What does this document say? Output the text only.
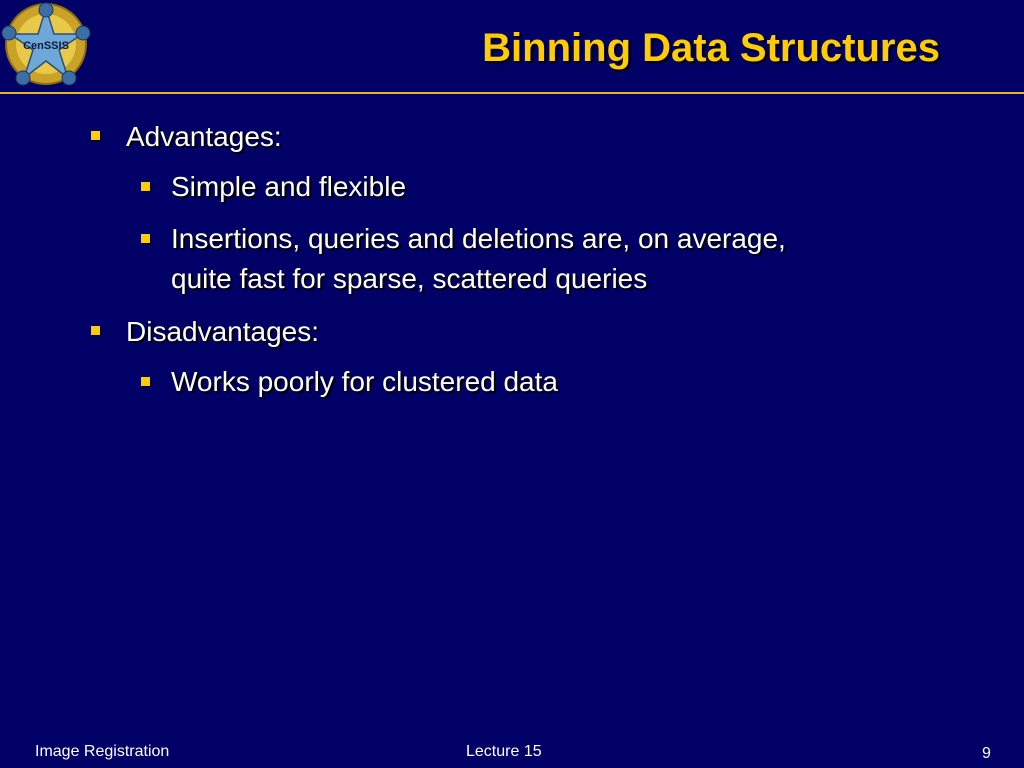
CenSSIS	Binning Data Structures
Advantages:
Simple and flexible
Insertions, queries and deletions are, on average,
quite fast for sparse, scattered queries
Disadvantages:
Works poorly for clustered data
Image Registration	Lecture 15	9
